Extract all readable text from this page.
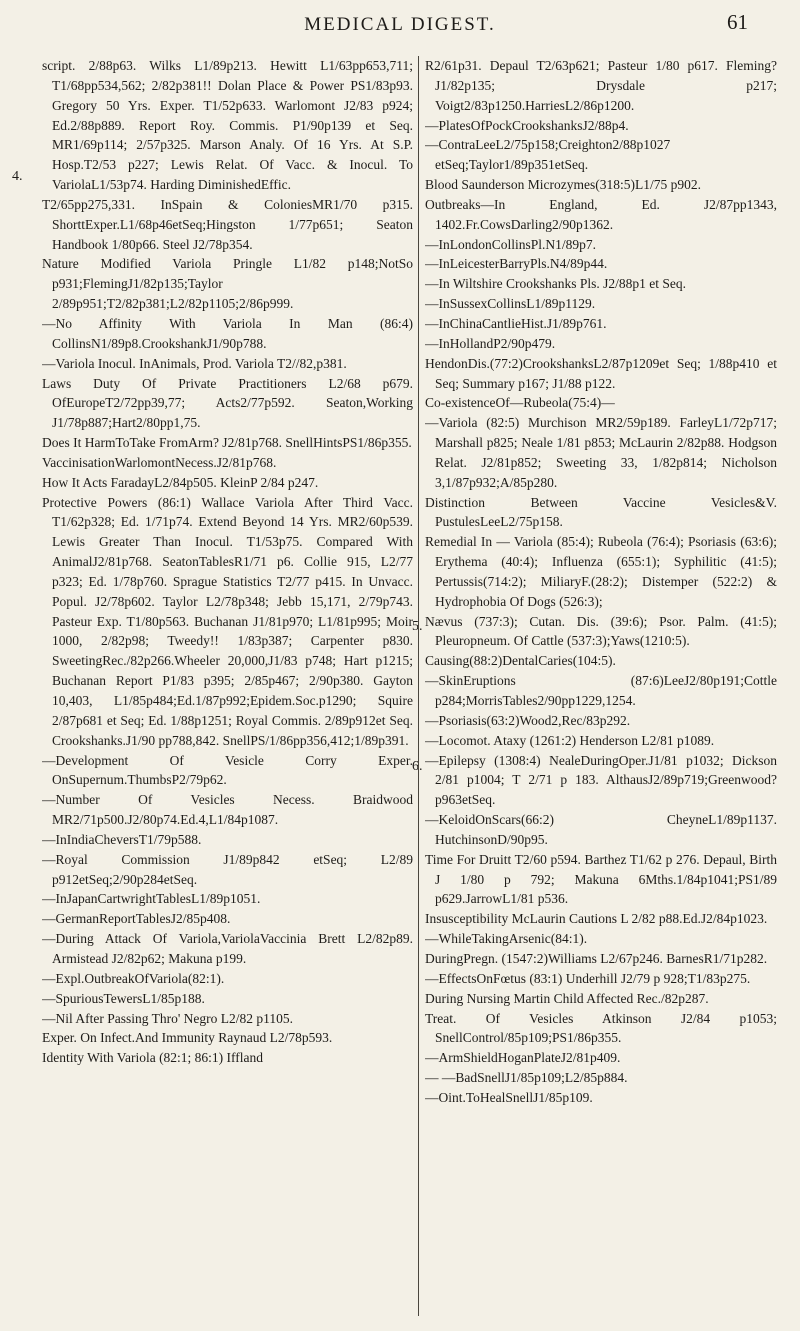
MEDICAL DIGEST.	61
4.
5.
6.

script. 2/88p63. Wilks L1/89p213. Hewitt L1/63pp653,711; T1/68pp534,562; 2/82p381!! Dolan Place & Power PS1/83p93. Gregory 50 Yrs. Exper. T1/52p633. Warlomont J2/83 p924; Ed.2/88p889. Report Roy. Commis. P1/90p139 et Seq. MR1/69p114; 2/57p325. Marson Analy. Of 16 Yrs. At S.P. Hosp.T2/53 p227; Lewis Relat. Of Vacc. & Inocul. To VariolaL1/53p74. Harding DiminishedEffic.

T2/65pp275,331. InSpain & ColoniesMR1/70 p315. ShorttExper.L1/68p46etSeq;Hingston 1/77p651; Seaton Handbook 1/80p66. Steel J2/78p354.

Nature Modified Variola Pringle L1/82 p148;NotSo p931;FlemingJ1/82p135;Taylor 2/89p951;T2/82p381;L2/82p1105;2/86p999.

—No Affinity With Variola In Man (86:4) CollinsN1/89p8.CrookshankJ1/90p788.

—Variola Inocul. InAnimals, Prod. Variola T2//82,p381.

Laws Duty Of Private Practitioners L2/68 p679. OfEuropeT2/72pp39,77; Acts2/77p592. Seaton,Working J1/78p887;Hart2/80pp1,75.

Does It HarmToTake FromArm? J2/81p768. SnellHintsPS1/86p355.

VaccinisationWarlomontNecess.J2/81p768.

How It Acts FaradayL2/84p505. KleinP 2/84 p247.

Protective Powers (86:1) Wallace Variola After Third Vacc. T1/62p328; Ed. 1/71p74. Extend Beyond 14 Yrs. MR2/60p539. Lewis Greater Than Inocul. T1/53p75. Compared With AnimalJ2/81p768. SeatonTablesR1/71 p6. Collie 915, L2/77 p323; Ed. 1/78p760. Sprague Statistics T2/77 p415. In Unvacc. Popul. J2/78p602. Taylor L2/78p348; Jebb 15,171, 2/79p743. Pasteur Exp. T1/80p563. Buchanan J1/81p970; L1/81p995; Moir 1000, 2/82p98; Tweedy!! 1/83p387; Carpenter p830. SweetingRec./82p266.Wheeler 20,000,J1/83 p748; Hart p1215; Buchanan Report P1/83 p395; 2/85p467; 2/90p380. Gayton 10,403, L1/85p484;Ed.1/87p992;Epidem.Soc.p1290; Squire 2/87p681 et Seq; Ed. 1/88p1251; Royal Commis. 2/89p912et Seq. Crookshanks.J1/90 pp788,842. SnellPS/1/86pp356,412;1/89p391.

—Development Of Vesicle Corry Exper. OnSupernum.ThumbsP2/79p62.

—Number Of Vesicles Necess. Braidwood MR2/71p500.J2/80p74.Ed.4,L1/84p1087.

—InIndiaCheversT1/79p588.

—Royal Commission J1/89p842 etSeq; L2/89 p912etSeq;2/90p284etSeq.

—InJapanCartwrightTablesL1/89p1051.

—GermanReportTablesJ2/85p408.

—During Attack Of Variola,VariolaVaccinia Brett L2/82p89. Armistead J2/82p62; Makuna p199.

—Expl.OutbreakOfVariola(82:1).

—SpuriousTewersL1/85p188.

—Nil After Passing Thro' Negro L2/82 p1105.

Exper. On Infect.And Immunity Raynaud L2/78p593.

Identity With Variola (82:1; 86:1) Iffland

R2/61p31. Depaul T2/63p621; Pasteur 1/80 p617. Fleming? J1/82p135; Drysdale p217; Voigt2/83p1250.HarriesL2/86p1200.

—PlatesOfPockCrookshanksJ2/88p4.

—ContraLeeL2/75p158;Creighton2/88p1027 etSeq;Taylor1/89p351etSeq.

Blood Saunderson Microzymes(318:5)L1/75 p902.

Outbreaks—In England, Ed. J2/87pp1343, 1402.Fr.CowsDarling2/90p1362.

—InLondonCollinsPl.N1/89p7.

—InLeicesterBarryPls.N4/89p44.

—In Wiltshire Crookshanks Pls. J2/88p1 et Seq.

—InSussexCollinsL1/89p1129.

—InChinaCantlieHist.J1/89p761.

—InHollandP2/90p479.

HendonDis.(77:2)CrookshanksL2/87p1209et Seq; 1/88p410 et Seq; Summary p167; J1/88 p122.

Co-existenceOf—Rubeola(75:4)—

—Variola (82:5) Murchison MR2/59p189. FarleyL1/72p717; Marshall p825; Neale 1/81 p853; McLaurin 2/82p88. Hodgson Relat. J2/81p852; Sweeting 33, 1/82p814; Nicholson 3,1/87p932;A/85p280.

Distinction Between Vaccine Vesicles&V. PustulesLeeL2/75p158.

Remedial In — Variola (85:4); Rubeola (76:4); Psoriasis (63:6); Erythema (40:4); Influenza (655:1); Syphilitic (41:5); Pertussis(714:2); MiliaryF.(28:2); Distemper (522:2) & Hydrophobia Of Dogs (526:3);

Nævus (737:3); Cutan. Dis. (39:6); Psor. Palm. (41:5); Pleuropneum. Of Cattle (537:3);Yaws(1210:5).

Causing(88:2)DentalCaries(104:5).

—SkinEruptions (87:6)LeeJ2/80p191;Cottle p284;MorrisTables2/90pp1229,1254.

—Psoriasis(63:2)Wood2,Rec/83p292.

—Locomot. Ataxy (1261:2) Henderson L2/81 p1089.

—Epilepsy (1308:4) NealeDuringOper.J1/81 p1032; Dickson 2/81 p1004; T 2/71 p 183. AlthausJ2/89p719;Greenwood? p963etSeq.

—KeloidOnScars(66:2) CheyneL1/89p1137. HutchinsonD/90p95.

Time For Druitt T2/60 p594. Barthez T1/62 p 276. Depaul, Birth J 1/80 p 792; Makuna 6Mths.1/84p1041;PS1/89 p629.JarrowL1/81 p536.

Insusceptibility McLaurin Cautions L 2/82 p88.Ed.J2/84p1023.

—WhileTakingArsenic(84:1).

DuringPregn. (1547:2)Williams L2/67p246. BarnesR1/71p282.

—EffectsOnFœtus (83:1) Underhill J2/79 p 928;T1/83p275.

During Nursing Martin Child Affected Rec./82p287.

Treat. Of Vesicles Atkinson J2/84 p1053; SnellControl/85p109;PS1/86p355.

—ArmShieldHoganPlateJ2/81p409.

— —BadSnellJ1/85p109;L2/85p884.

—Oint.ToHealSnellJ1/85p109.
